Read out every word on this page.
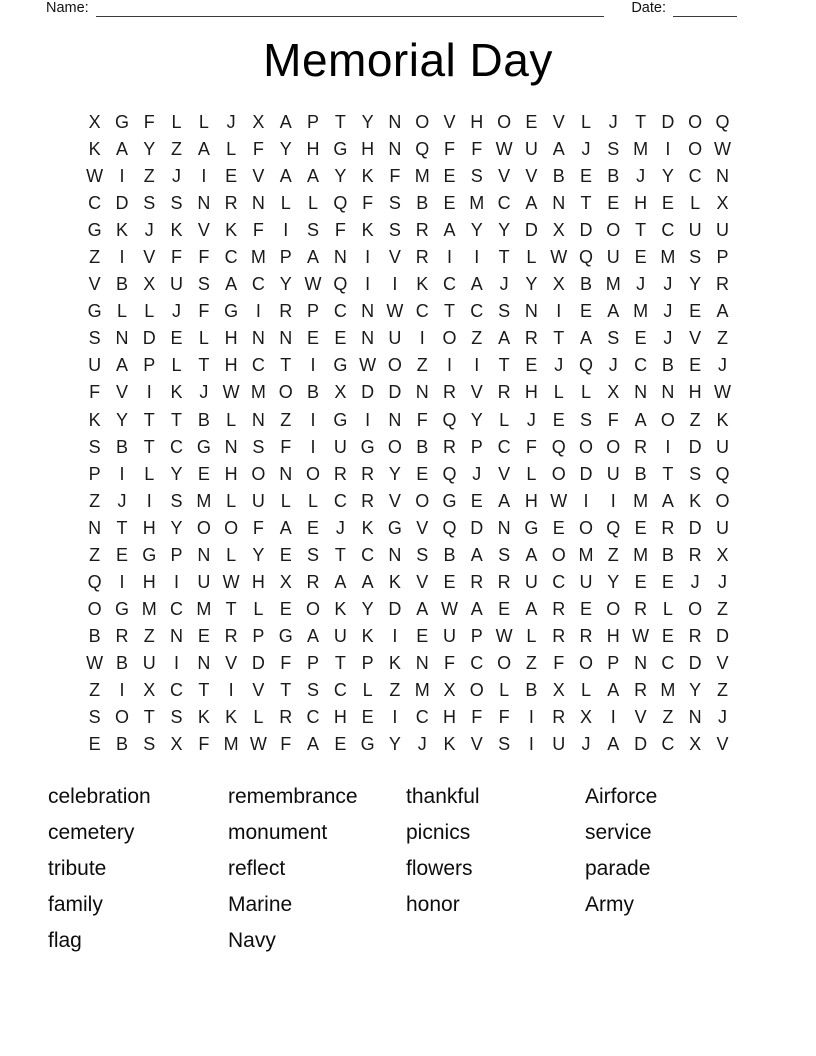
Name:	Date:
Memorial Day
X G F L L J X A P T Y N O V H O E V L J T D O Q
K A Y Z A L F Y H G H N Q F F W U A J S M I O W
W I	Z J	I	E V A A Y K F M E S V V B E B J Y C N
C D S S N R N L L Q F S B E M C A N T E H E L X
G K J K V K F	I	S F K S R A Y Y D X D O T C U U
Z	I	V F F C M P A N	I	V R	I	I	T L W Q U E M S P
V B X U S A C Y W Q I	I	K C A J Y X B M J	J Y R
G L L J F G I	R P C N W C T C S N	I	E A M J E A
S N D E L H N N E E N U	I O Z A R T A S E J V Z
U A P L T H C T	I G W O Z	I	I	T E J Q J C B E J
F V	I	K J W M O B X D D N R V R H L L X N N H W
K Y T T B L N Z	I G I	N F Q Y L J E S F A O Z K
S B T C G N S F	I	U G O B R P C F Q O O R	I	D U
P	I	L Y E H O N O R R Y E Q J V L O D U B T S Q
Z J	I	S M L U L L C R V O G E A H W I	I M A K O
N T H Y O O F A E J K G V Q D N G E O Q E R D U
Z E G P N L Y E S T C N S B A S A O M Z M B R X
Q I	H	I	U W H X R A A K V E R R U C U Y E E J	J
O G M C M T L E O K Y D A W A E A R E O R L O Z
B R Z N E R P G A U K	I	E U P W L R R H W E R D
W B U	I	N V D F P T P K N F C O Z F O P N C D V
Z	I	X C T	I	V T S C L Z M X O L B X L A R M Y Z
S O T S K K L R C H E	I	C H F F	I	R X	I	V Z N J
E B S X F M W F A E G Y J K V S	I	U J A D C X V
celebration
cemetery
tribute
family
flag
remembrance
monument
reflect
Marine
Navy
thankful
picnics
flowers
honor
Airforce
service
parade
Army
